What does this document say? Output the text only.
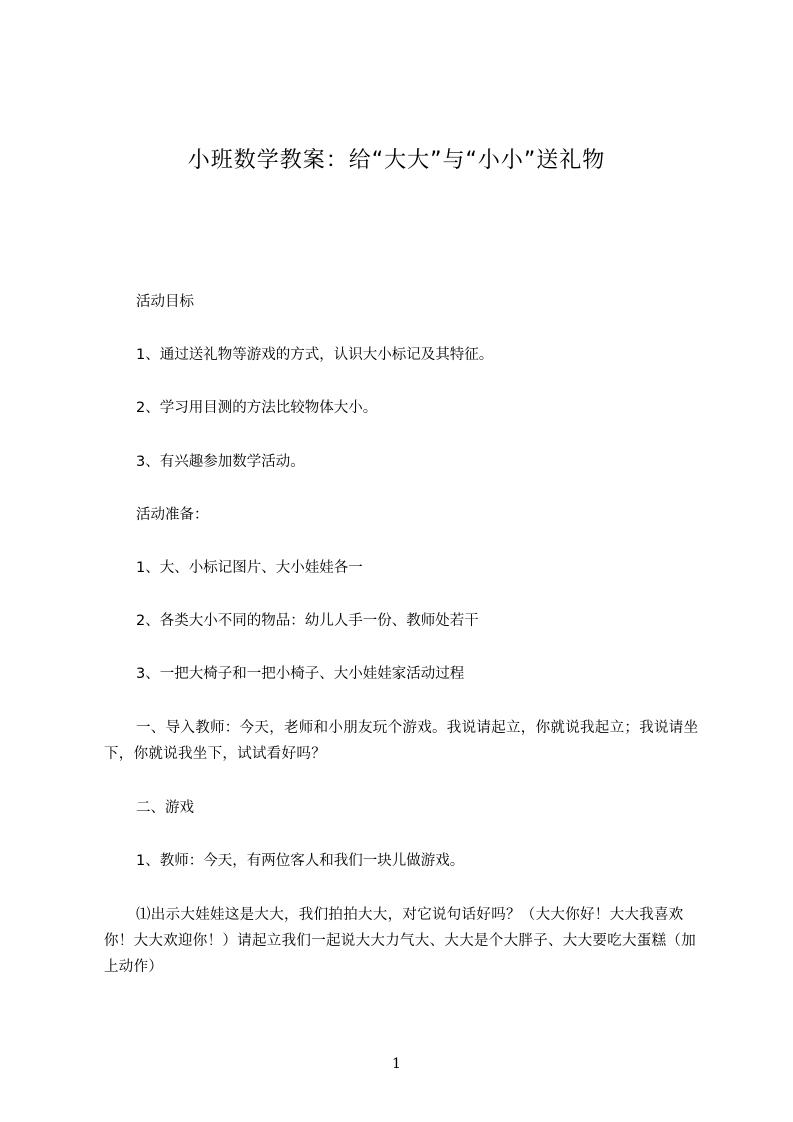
小班数学教案：给“大大”与“小小”送礼物
活动目标
1、通过送礼物等游戏的方式，认识大小标记及其特征。
2、学习用目测的方法比较物体大小。
3、有兴趣参加数学活动。
活动准备：
1、大、小标记图片、大小娃娃各一
2、各类大小不同的物品：幼儿人手一份、教师处若干
3、一把大椅子和一把小椅子、大小娃娃家活动过程
一、导入教师：今天，老师和小朋友玩个游戏。我说请起立，你就说我起立；我说请坐下，你就说我坐下，试试看好吗？
二、游戏
1、教师：今天，有两位客人和我们一块儿做游戏。
⑴出示大娃娃这是大大，我们拍拍大大，对它说句话好吗？（大大你好！大大我喜欢你！大大欢迎你！）请起立我们一起说大大力气大、大大是个大胖子、大大要吃大蛋糕（加上动作）
1
